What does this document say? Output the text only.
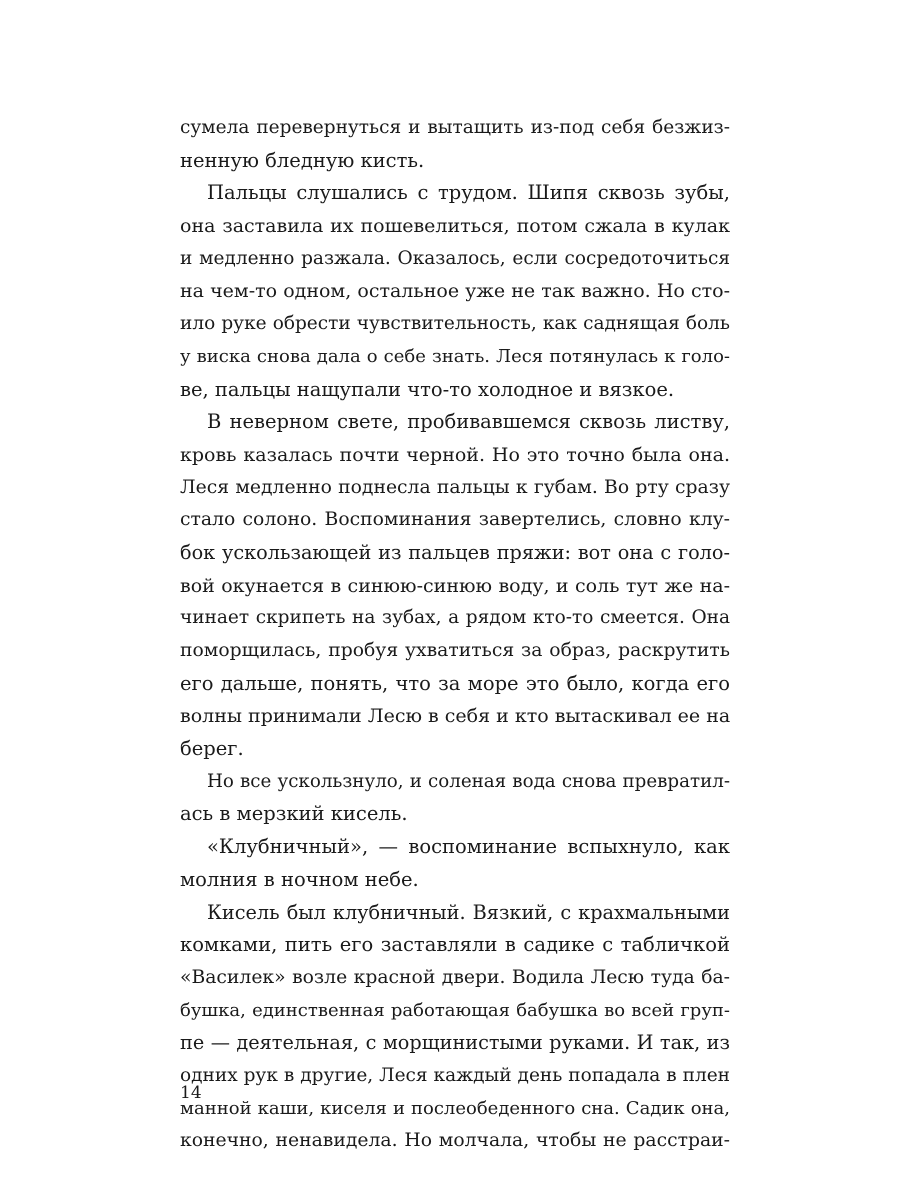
сумела перевернуться и вытащить из-под себя безжиз-
ненную бледную кисть.
Пальцы слушались с трудом. Шипя сквозь зубы,
она заставила их пошевелиться, потом сжала в кулак
и медленно разжала. Оказалось, если сосредоточиться
на чем-то одном, остальное уже не так важно. Но сто-
ило руке обрести чувствительность, как саднящая боль
у виска снова дала о себе знать. Леся потянулась к голо-
ве, пальцы нащупали что-то холодное и вязкое.
В неверном свете, пробивавшемся сквозь листву,
кровь казалась почти черной. Но это точно была она.
Леся медленно поднесла пальцы к губам. Во рту сразу
стало солоно. Воспоминания завертелись, словно клу-
бок ускользающей из пальцев пряжи: вот она с голо-
вой окунается в синюю-синюю воду, и соль тут же на-
чинает скрипеть на зубах, а рядом кто-то смеется. Она
поморщилась, пробуя ухватиться за образ, раскрутить
его дальше, понять, что за море это было, когда его
волны принимали Лесю в себя и кто вытаскивал ее на
берег.
Но все ускользнуло, и соленая вода снова превратил-
ась в мерзкий кисель.
«Клубничный», — воспоминание вспыхнуло, как
молния в ночном небе.
Кисель был клубничный. Вязкий, с крахмальными
комками, пить его заставляли в садике с табличкой
«Василек» возле красной двери. Водила Лесю туда ба-
бушка, единственная работающая бабушка во всей груп-
пе — деятельная, с морщинистыми руками. И так, из
одних рук в другие, Леся каждый день попадала в плен
манной каши, киселя и послеобеденного сна. Садик она,
конечно, ненавидела. Но молчала, чтобы не расстраи-
14
